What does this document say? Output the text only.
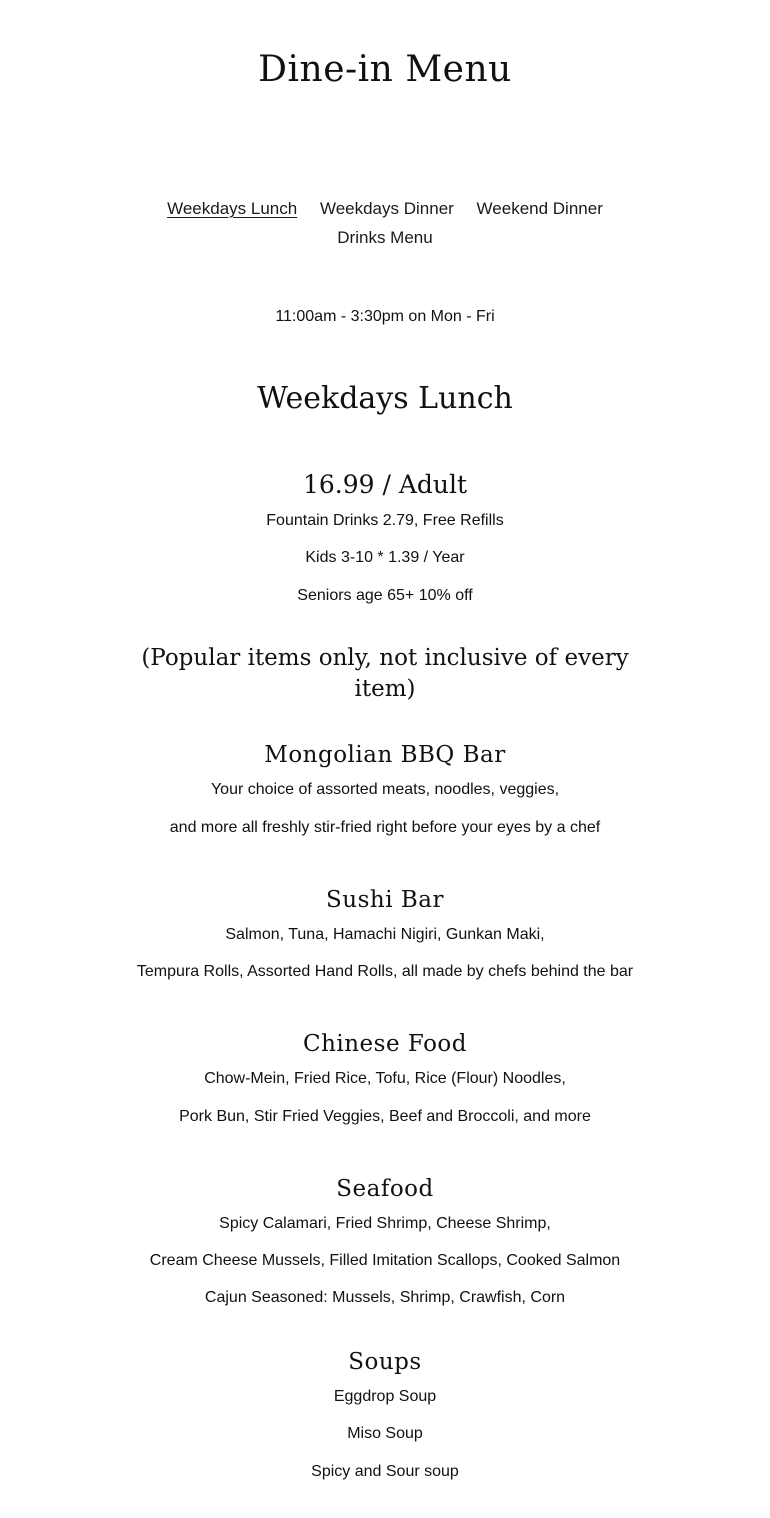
Dine-in Menu
Weekdays Lunch Weekdays Dinner Weekend Dinner
Drinks Menu

11:00am - 3:30pm on Mon - Fri

Weekdays Lunch
16.99 / Adult

Fountain Drinks 2.79, Free Refills

Kids 3-10 * 1.39 / Year

Seniors age 65+ 10% off

(Popular items only, not inclusive of every item)
Mongolian BBQ Bar

Your choice of assorted meats, noodles, veggies,

and more all freshly stir-fried right before your eyes by a chef

Sushi Bar

Salmon, Tuna, Hamachi Nigiri, Gunkan Maki,

Tempura Rolls, Assorted Hand Rolls, all made by chefs behind the bar

Chinese Food

Chow-Mein, Fried Rice, Tofu, Rice (Flour) Noodles,

Pork Bun, Stir Fried Veggies, Beef and Broccoli, and more

Seafood

Spicy Calamari, Fried Shrimp, Cheese Shrimp,

Cream Cheese Mussels, Filled Imitation Scallops, Cooked Salmon

Cajun Seasoned: Mussels, Shrimp, Crawfish, Corn

Soups

Eggdrop Soup

Miso Soup

Spicy and Sour soup
